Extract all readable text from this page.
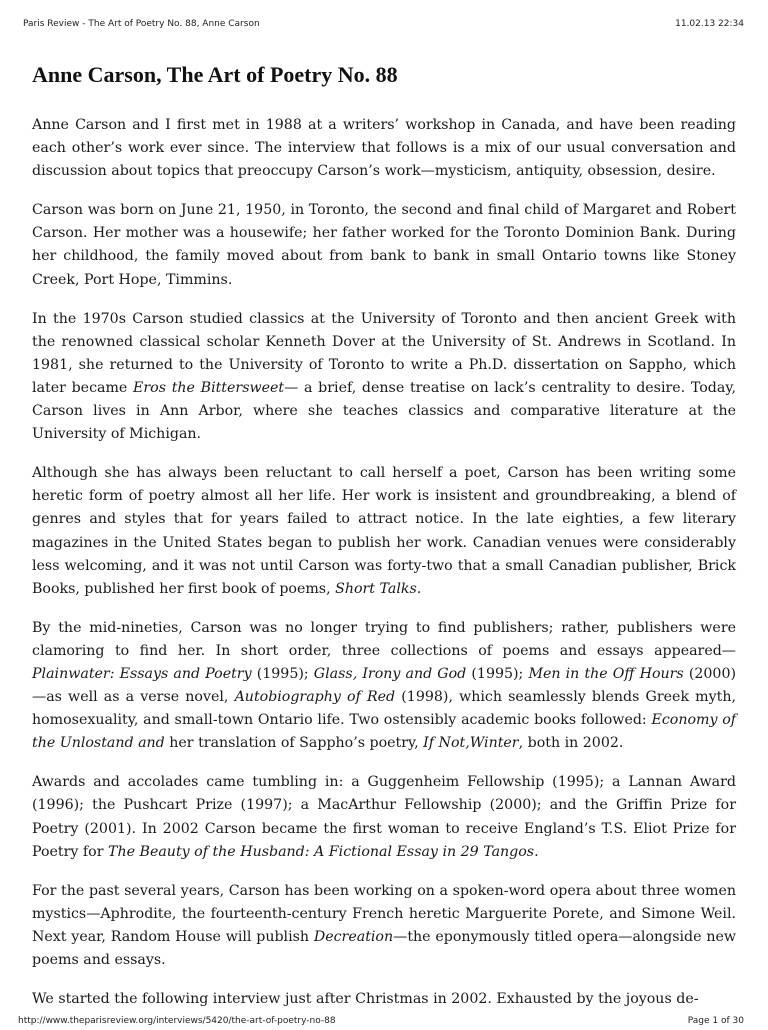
Paris Review - The Art of Poetry No. 88, Anne Carson	11.02.13 22:34
Anne Carson, The Art of Poetry No. 88

Anne Carson and I first met in 1988 at a writers’ workshop in Canada, and have been reading each other’s work ever since. The interview that follows is a mix of our usual conversation and discussion about topics that preoccupy Carson’s work—mysticism, antiquity, obsession, desire.

Carson was born on June 21, 1950, in Toronto, the second and final child of Margaret and Robert Carson. Her mother was a housewife; her father worked for the Toronto Dominion Bank. During her childhood, the family moved about from bank to bank in small Ontario towns like Stoney Creek, Port Hope, Timmins.

In the 1970s Carson studied classics at the University of Toronto and then ancient Greek with the renowned classical scholar Kenneth Dover at the University of St. Andrews in Scotland. In 1981, she returned to the University of Toronto to write a Ph.D. dissertation on Sappho, which later became Eros the Bittersweet— a brief, dense treatise on lack’s centrality to desire. Today, Carson lives in Ann Arbor, where she teaches classics and comparative literature at the University of Michigan.

Although she has always been reluctant to call herself a poet, Carson has been writing some heretic form of poetry almost all her life. Her work is insistent and groundbreaking, a blend of genres and styles that for years failed to attract notice. In the late eighties, a few literary magazines in the United States began to publish her work. Canadian venues were considerably less welcoming, and it was not until Carson was forty-two that a small Canadian publisher, Brick Books, published her first book of poems, Short Talks.

By the mid-nineties, Carson was no longer trying to find publishers; rather, publishers were clamoring to find her. In short order, three collections of poems and essays appeared— Plainwater: Essays and Poetry (1995); Glass, Irony and God (1995); Men in the Off Hours (2000)—as well as a verse novel, Autobiography of Red (1998), which seamlessly blends Greek myth, homosexuality, and small-town Ontario life. Two ostensibly academic books followed: Economy of the Unlostand and her translation of Sappho’s poetry, If Not,Winter, both in 2002.

Awards and accolades came tumbling in: a Guggenheim Fellowship (1995); a Lannan Award (1996); the Pushcart Prize (1997); a MacArthur Fellowship (2000); and the Griffin Prize for Poetry (2001). In 2002 Carson became the first woman to receive England’s T.S. Eliot Prize for Poetry for The Beauty of the Husband: A Fictional Essay in 29 Tangos.

For the past several years, Carson has been working on a spoken-word opera about three women mystics—Aphrodite, the fourteenth-century French heretic Marguerite Porete, and Simone Weil. Next year, Random House will publish Decreation—the eponymously titled opera—alongside new poems and essays.

We started the following interview just after Christmas in 2002. Exhausted by the joyous de-

http://www.theparisreview.org/interviews/5420/the-art-of-poetry-no-88	Page 1 of 30
